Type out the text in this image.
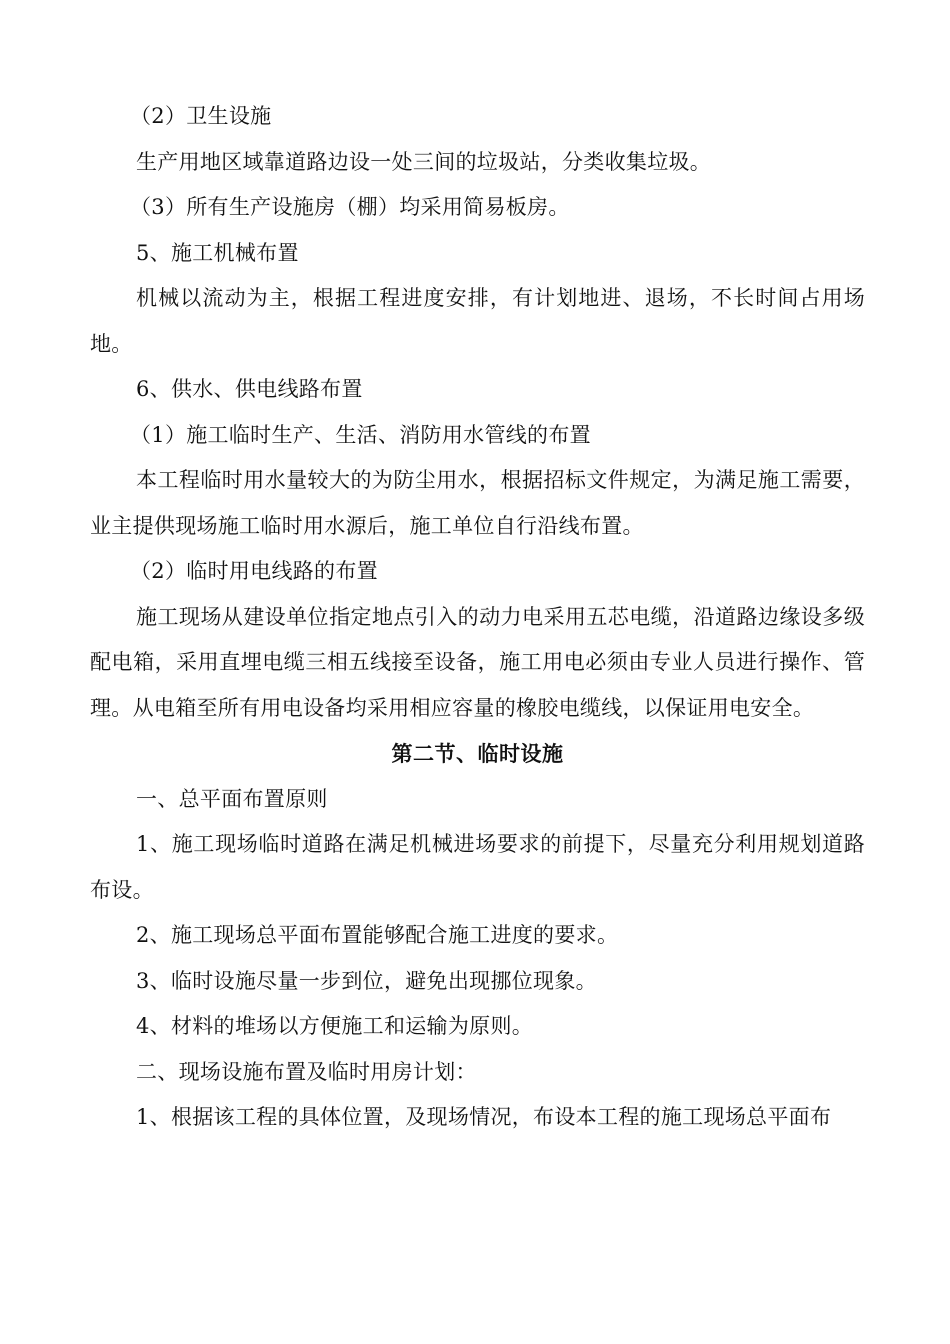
（2）卫生设施

生产用地区域靠道路边设一处三间的垃圾站，分类收集垃圾。

（3）所有生产设施房（棚）均采用简易板房。

5、施工机械布置

机械以流动为主，根据工程进度安排，有计划地进、退场，不长时间占用场地。

6、供水、供电线路布置

（1）施工临时生产、生活、消防用水管线的布置

本工程临时用水量较大的为防尘用水，根据招标文件规定，为满足施工需要，业主提供现场施工临时用水源后，施工单位自行沿线布置。

（2）临时用电线路的布置

施工现场从建设单位指定地点引入的动力电采用五芯电缆，沿道路边缘设多级配电箱，采用直埋电缆三相五线接至设备，施工用电必须由专业人员进行操作、管理。从电箱至所有用电设备均采用相应容量的橡胶电缆线，以保证用电安全。

第二节、临时设施

一、总平面布置原则

1、施工现场临时道路在满足机械进场要求的前提下，尽量充分利用规划道路布设。

2、施工现场总平面布置能够配合施工进度的要求。

3、临时设施尽量一步到位，避免出现挪位现象。

4、材料的堆场以方便施工和运输为原则。

二、现场设施布置及临时用房计划：

1、根据该工程的具体位置，及现场情况，布设本工程的施工现场总平面布
